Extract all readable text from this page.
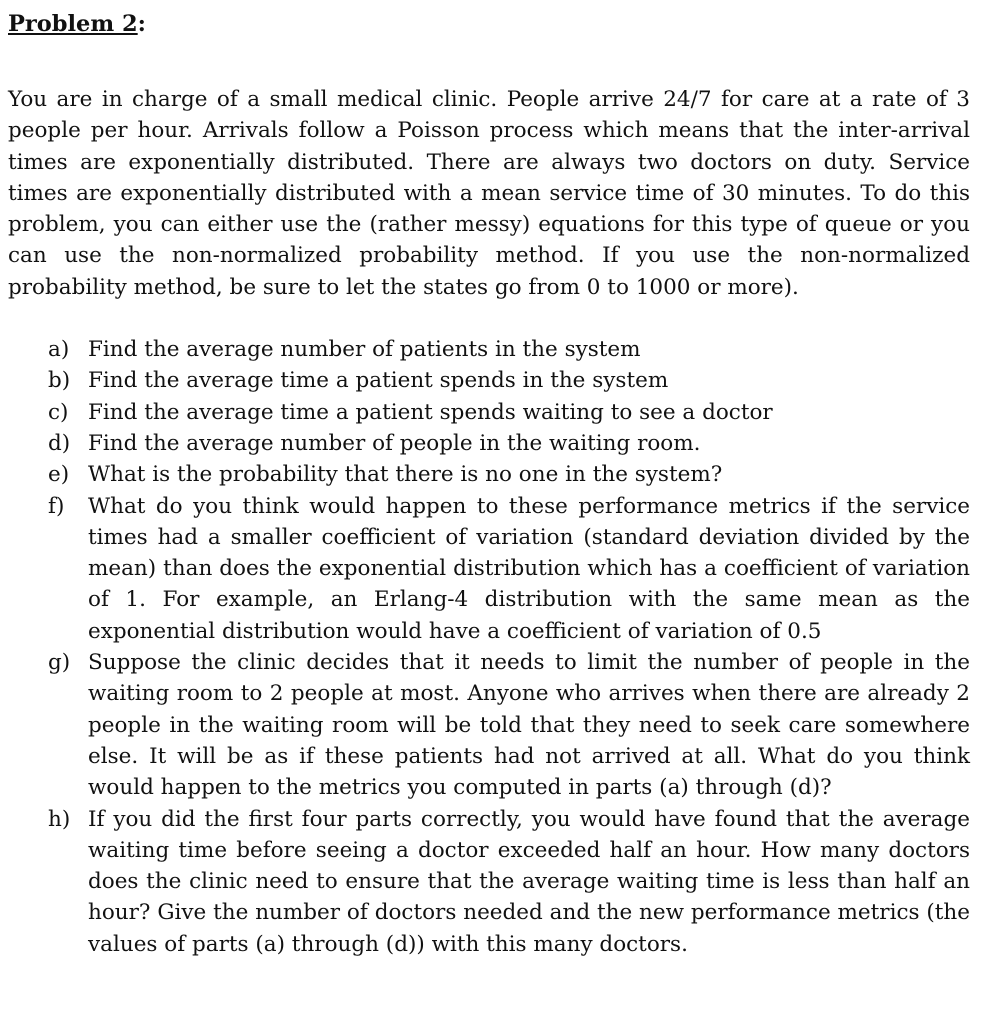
Problem 2:

You are in charge of a small medical clinic. People arrive 24/7 for care at a rate of 3 people per hour. Arrivals follow a Poisson process which means that the inter-arrival times are exponentially distributed. There are always two doctors on duty. Service times are exponentially distributed with a mean service time of 30 minutes. To do this problem, you can either use the (rather messy) equations for this type of queue or you can use the non-normalized probability method. If you use the non-normalized probability method, be sure to let the states go from 0 to 1000 or more).

a) Find the average number of patients in the system
b) Find the average time a patient spends in the system
c) Find the average time a patient spends waiting to see a doctor
d) Find the average number of people in the waiting room.
e) What is the probability that there is no one in the system?
f) What do you think would happen to these performance metrics if the service times had a smaller coefficient of variation (standard deviation divided by the mean) than does the exponential distribution which has a coefficient of variation of 1. For example, an Erlang-4 distribution with the same mean as the exponential distribution would have a coefficient of variation of 0.5
g) Suppose the clinic decides that it needs to limit the number of people in the waiting room to 2 people at most. Anyone who arrives when there are already 2 people in the waiting room will be told that they need to seek care somewhere else. It will be as if these patients had not arrived at all. What do you think would happen to the metrics you computed in parts (a) through (d)?
h) If you did the first four parts correctly, you would have found that the average waiting time before seeing a doctor exceeded half an hour. How many doctors does the clinic need to ensure that the average waiting time is less than half an hour? Give the number of doctors needed and the new performance metrics (the values of parts (a) through (d)) with this many doctors.
